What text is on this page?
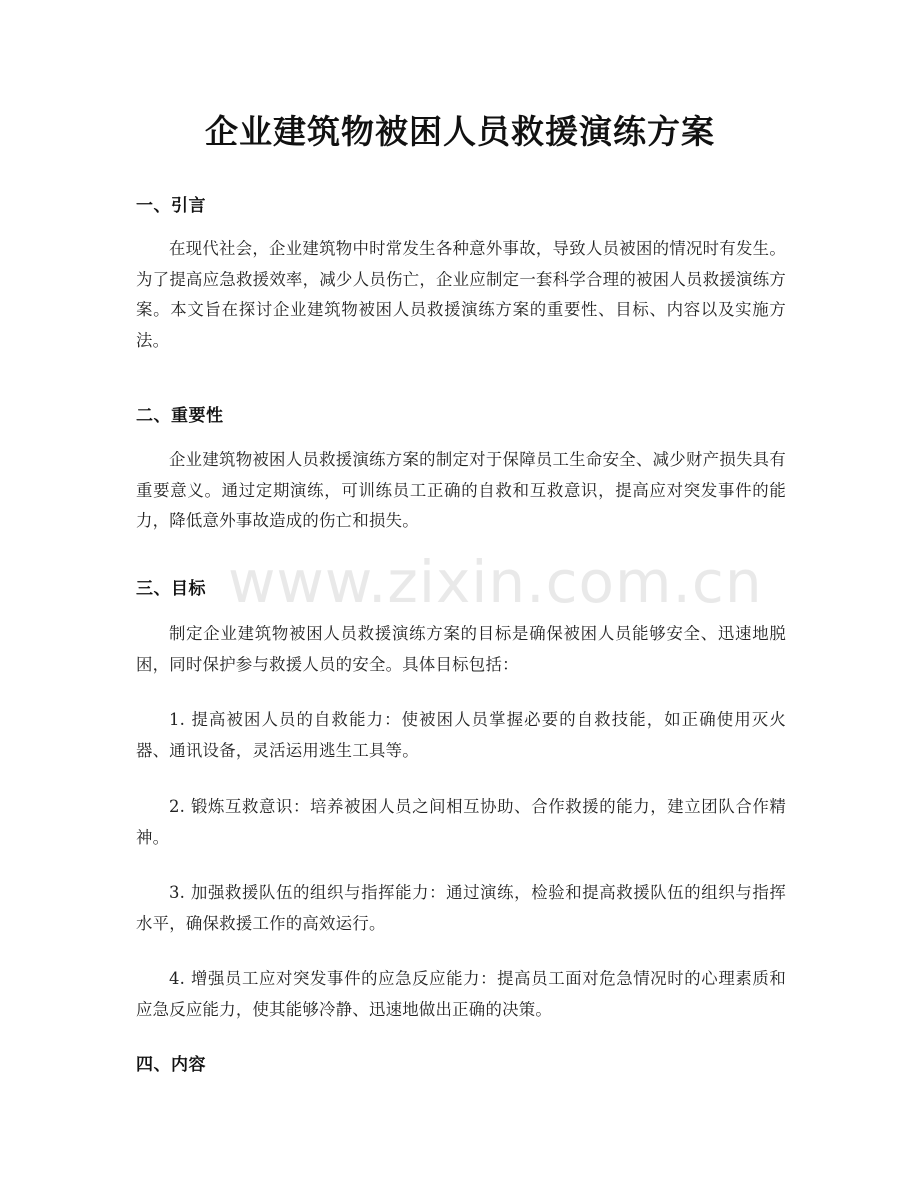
www.zixin.com.cn
企业建筑物被困人员救援演练方案
一、引言
在现代社会，企业建筑物中时常发生各种意外事故，导致人员被困的情况时有发生。为了提高应急救援效率，减少人员伤亡，企业应制定一套科学合理的被困人员救援演练方案。本文旨在探讨企业建筑物被困人员救援演练方案的重要性、目标、内容以及实施方法。
二、重要性
企业建筑物被困人员救援演练方案的制定对于保障员工生命安全、减少财产损失具有重要意义。通过定期演练，可训练员工正确的自救和互救意识，提高应对突发事件的能力，降低意外事故造成的伤亡和损失。
三、目标
制定企业建筑物被困人员救援演练方案的目标是确保被困人员能够安全、迅速地脱困，同时保护参与救援人员的安全。具体目标包括：
1. 提高被困人员的自救能力：使被困人员掌握必要的自救技能，如正确使用灭火器、通讯设备，灵活运用逃生工具等。
2. 锻炼互救意识：培养被困人员之间相互协助、合作救援的能力，建立团队合作精神。
3. 加强救援队伍的组织与指挥能力：通过演练，检验和提高救援队伍的组织与指挥水平，确保救援工作的高效运行。
4. 增强员工应对突发事件的应急反应能力：提高员工面对危急情况时的心理素质和应急反应能力，使其能够冷静、迅速地做出正确的决策。
四、内容
